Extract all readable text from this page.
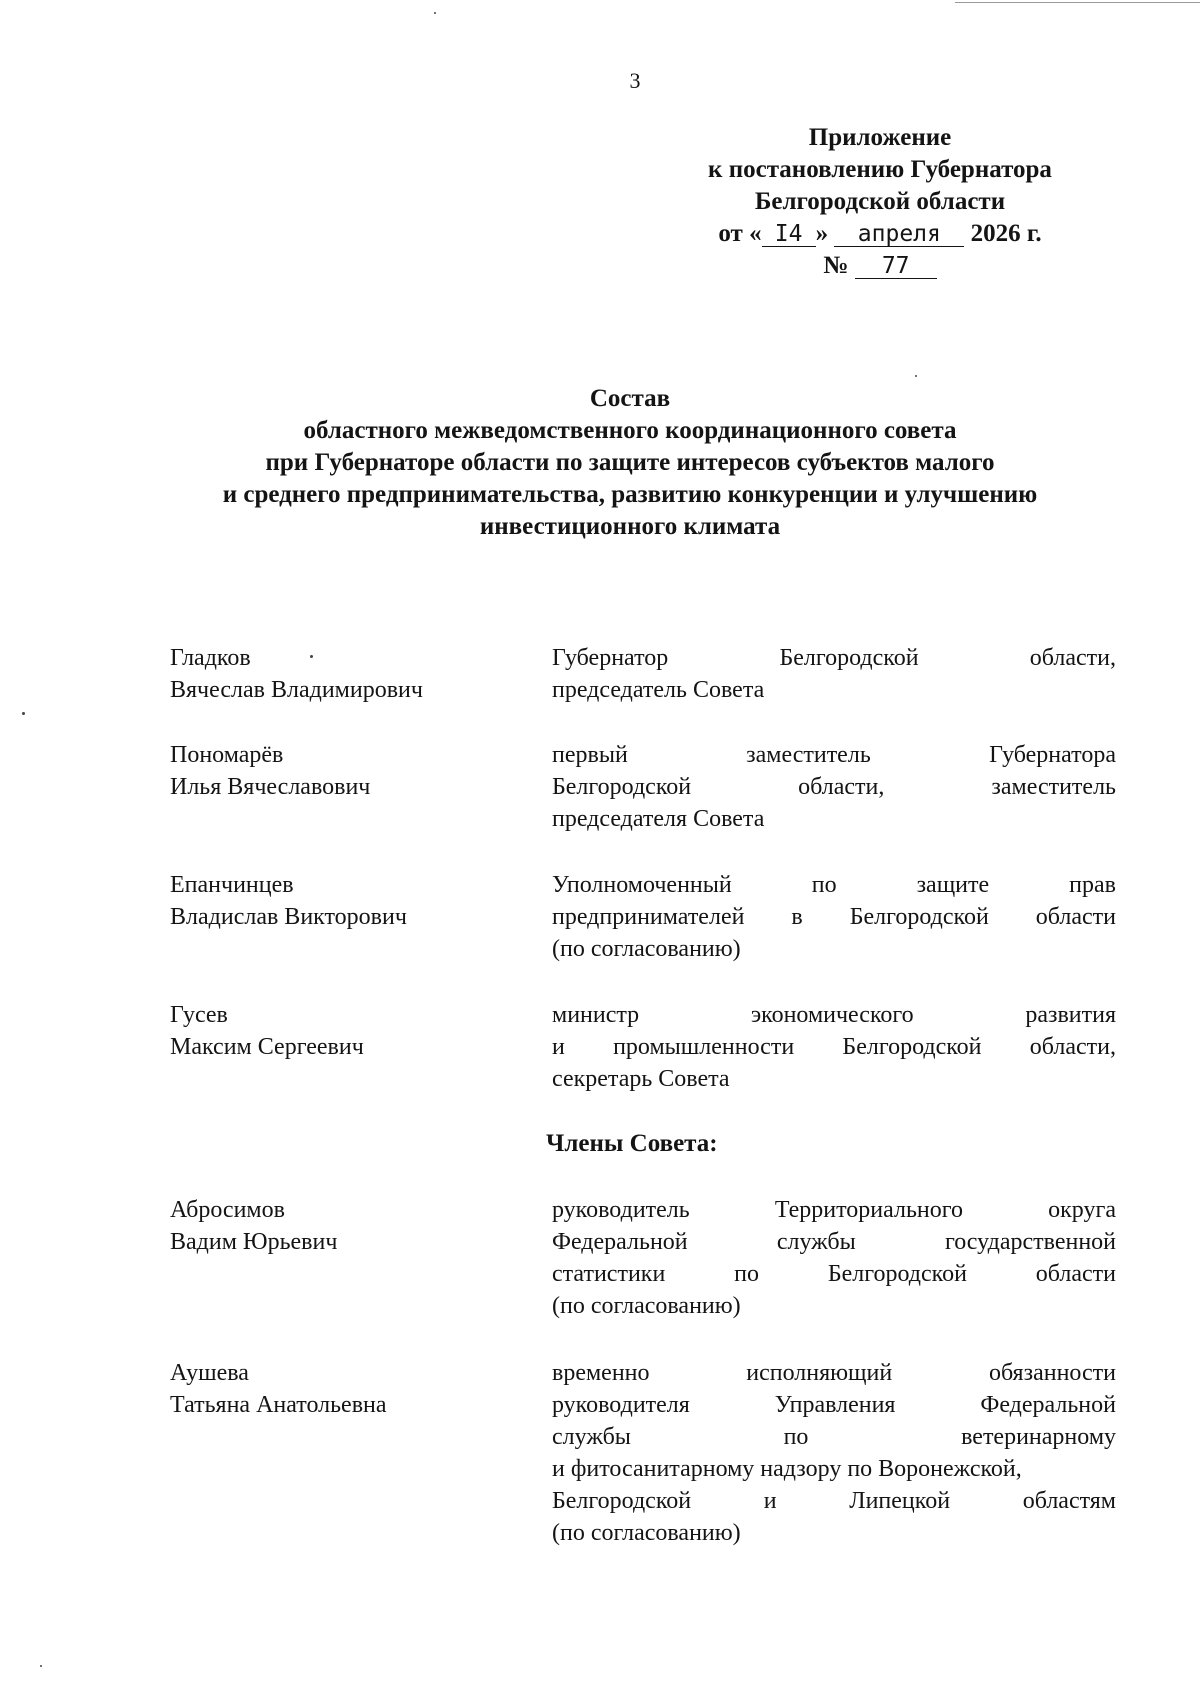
3
Приложение
к постановлению Губернатора
Белгородской области
от « I4 » апреля 2026 г.
№ 77
Состав
областного межведомственного координационного совета
при Губернаторе области по защите интересов субъектов малого
и среднего предпринимательства, развитию конкуренции и улучшению
инвестиционного климата
Гладков
Вячеслав Владимирович
Губернатор Белгородской области,
председатель Совета
Пономарёв
Илья Вячеславович
первый заместитель Губернатора
Белгородской области, заместитель
председателя Совета
Епанчинцев
Владислав Викторович
Уполномоченный по защите прав
предпринимателей в Белгородской области
(по согласованию)
Гусев
Максим Сергеевич
министр экономического развития
и промышленности Белгородской области,
секретарь Совета
Члены Совета:
Абросимов
Вадим Юрьевич
руководитель Территориального округа
Федеральной службы государственной
статистики по Белгородской области
(по согласованию)
Аушева
Татьяна Анатольевна
временно исполняющий обязанности
руководителя Управления Федеральной
службы по ветеринарному
и фитосанитарному надзору по Воронежской,
Белгородской и Липецкой областям
(по согласованию)
